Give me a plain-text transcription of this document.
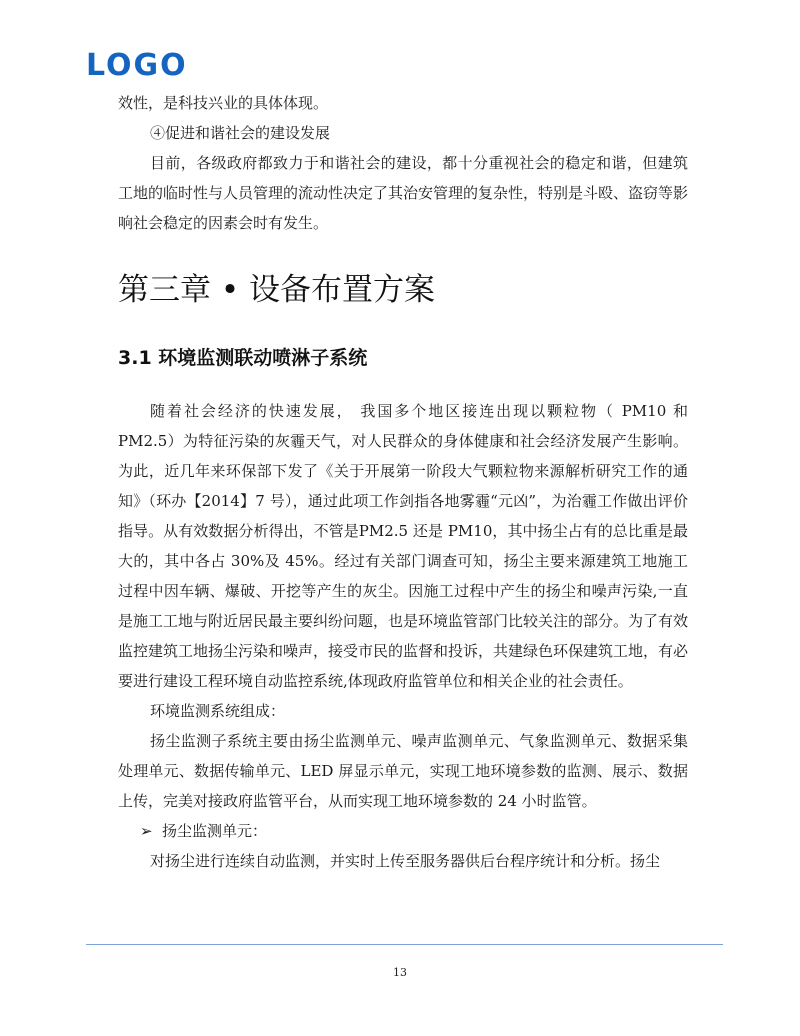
LOGO

效性，是科技兴业的具体体现。

④促进和谐社会的建设发展

目前，各级政府都致力于和谐社会的建设，都十分重视社会的稳定和谐，但建筑工地的临时性与人员管理的流动性决定了其治安管理的复杂性，特别是斗殴、盗窃等影响社会稳定的因素会时有发生。

第三章 • 设备布置方案
3.1 环境监测联动喷淋子系统

随着社会经济的快速发展， 我国多个地区接连出现以颗粒物（ PM10 和 PM2.5）为特征污染的灰霾天气，对人民群众的身体健康和社会经济发展产生影响。为此，近几年来环保部下发了《关于开展第一阶段大气颗粒物来源解析研究工作的通知》（环办【2014】7 号），通过此项工作剑指各地雾霾“元凶”，为治霾工作做出评价指导。从有效数据分析得出，不管是PM2.5 还是 PM10，其中扬尘占有的总比重是最大的，其中各占 30%及 45%。经过有关部门调查可知，扬尘主要来源建筑工地施工过程中因车辆、爆破、开挖等产生的灰尘。因施工过程中产生的扬尘和噪声污染,一直是施工工地与附近居民最主要纠纷问题，也是环境监管部门比较关注的部分。为了有效监控建筑工地扬尘污染和噪声，接受市民的监督和投诉，共建绿色环保建筑工地，有必要进行建设工程环境自动监控系统,体现政府监管单位和相关企业的社会责任。

环境监测系统组成：

扬尘监测子系统主要由扬尘监测单元、噪声监测单元、气象监测单元、数据采集处理单元、数据传输单元、LED 屏显示单元，实现工地环境参数的监测、展示、数据上传，完美对接政府监管平台，从而实现工地环境参数的 24 小时监管。

➢ 扬尘监测单元：

对扬尘进行连续自动监测，并实时上传至服务器供后台程序统计和分析。扬尘

13
